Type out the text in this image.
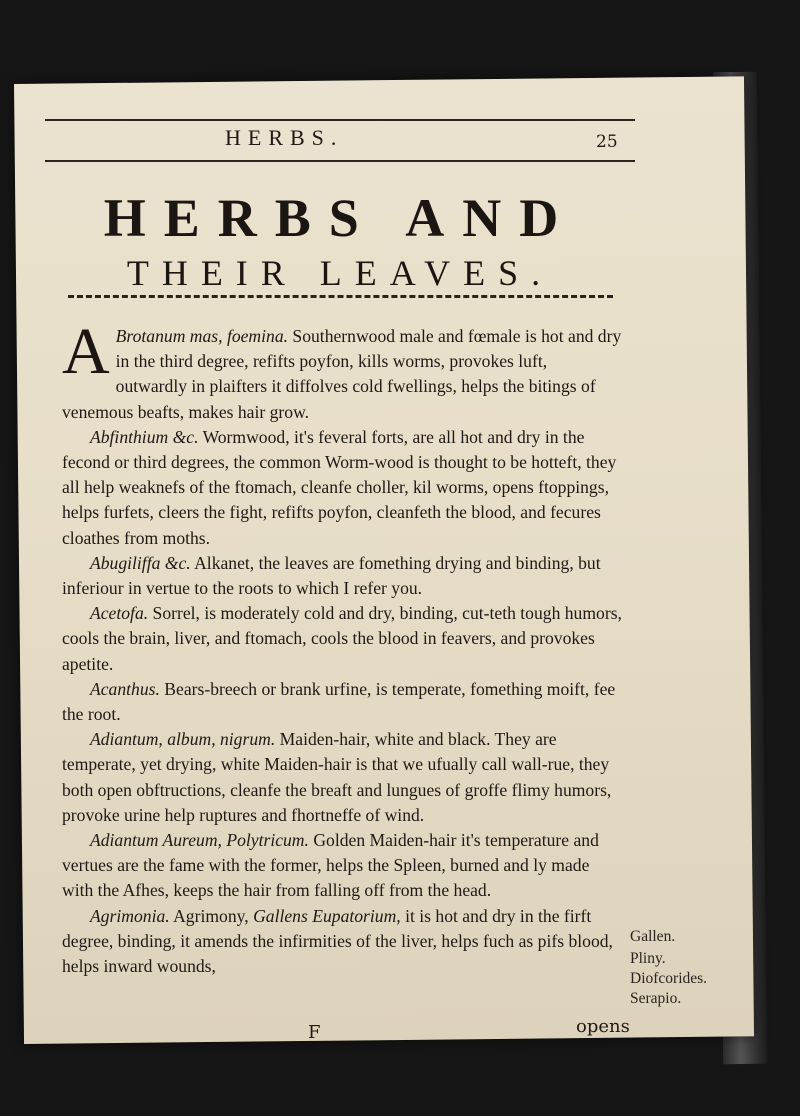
HERBS.	25
HERBS AND
THEIR LEAVES.

A Brotanum mas, foemina. Southernwood male and fœmale is hot and dry in the third degree, refifts poyfon, kills worms, provokes luft, outwardly in plaifters it diffolves cold fwellings, helps the bitings of venemous beafts, makes hair grow.

Abfinthium &c. Wormwood, it's feveral forts, are all hot and dry in the fecond or third degrees, the common Worm-wood is thought to be hotteft, they all help weaknefs of the ftomach, cleanfe choller, kil worms, opens ftoppings, helps furfets, cleers the fight, refifts poyfon, cleanfeth the blood, and fecures cloathes from moths.

Abugiliffa &c. Alkanet, the leaves are fomething drying and binding, but inferiour in vertue to the roots to which I refer you.

Acetofa. Sorrel, is moderately cold and dry, binding, cut-teth tough humors, cools the brain, liver, and ftomach, cools the blood in feavers, and provokes apetite.

Acanthus. Bears-breech or brank urfine, is temperate, fomething moift, fee the root.

Adiantum, album, nigrum. Maiden-hair, white and black. They are temperate, yet drying, white Maiden-hair is that we ufually call wall-rue, they both open obftructions, cleanfe the breaft and lungues of groffe flimy humors, provoke urine help ruptures and fhortneffe of wind.

Adiantum Aureum, Polytricum. Golden Maiden-hair it's temperature and vertues are the fame with the former, helps the Spleen, burned and ly made with the Afhes, keeps the hair from falling off from the head.

Agrimonia. Agrimony, Gallens Eupatorium, it is hot and dry in the firft degree, binding, it amends the infirmities of the liver, helps fuch as pifs blood, helps inward wounds,

Gallen.
Pliny.
Diofcorides.
Serapio.
F	opens
